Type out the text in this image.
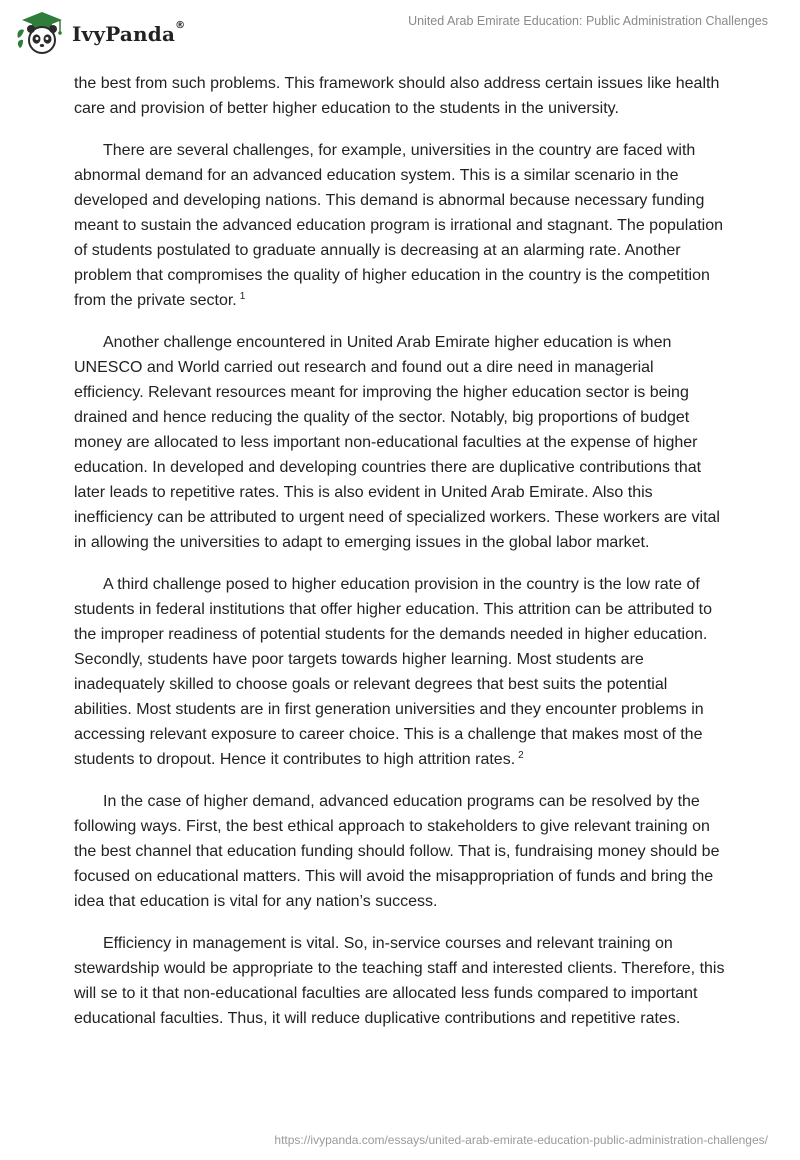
IvyPanda®	United Arab Emirate Education: Public Administration Challenges

the best from such problems. This framework should also address certain issues like health care and provision of better higher education to the students in the university.

There are several challenges, for example, universities in the country are faced with abnormal demand for an advanced education system. This is a similar scenario in the developed and developing nations. This demand is abnormal because necessary funding meant to sustain the advanced education program is irrational and stagnant. The population of students postulated to graduate annually is decreasing at an alarming rate. Another problem that compromises the quality of higher education in the country is the competition from the private sector. $^1$

Another challenge encountered in United Arab Emirate higher education is when UNESCO and World carried out research and found out a dire need in managerial efficiency. Relevant resources meant for improving the higher education sector is being drained and hence reducing the quality of the sector. Notably, big proportions of budget money are allocated to less important non-educational faculties at the expense of higher education. In developed and developing countries there are duplicative contributions that later leads to repetitive rates. This is also evident in United Arab Emirate. Also this inefficiency can be attributed to urgent need of specialized workers. These workers are vital in allowing the universities to adapt to emerging issues in the global labor market.

A third challenge posed to higher education provision in the country is the low rate of students in federal institutions that offer higher education. This attrition can be attributed to the improper readiness of potential students for the demands needed in higher education. Secondly, students have poor targets towards higher learning. Most students are inadequately skilled to choose goals or relevant degrees that best suits the potential abilities. Most students are in first generation universities and they encounter problems in accessing relevant exposure to career choice. This is a challenge that makes most of the students to dropout. Hence it contributes to high attrition rates. $^2$

In the case of higher demand, advanced education programs can be resolved by the following ways. First, the best ethical approach to stakeholders to give relevant training on the best channel that education funding should follow. That is, fundraising money should be focused on educational matters. This will avoid the misappropriation of funds and bring the idea that education is vital for any nation’s success.

Efficiency in management is vital. So, in-service courses and relevant training on stewardship would be appropriate to the teaching staff and interested clients. Therefore, this will se to it that non-educational faculties are allocated less funds compared to important educational faculties. Thus, it will reduce duplicative contributions and repetitive rates.

https://ivypanda.com/essays/united-arab-emirate-education-public-administration-challenges/
